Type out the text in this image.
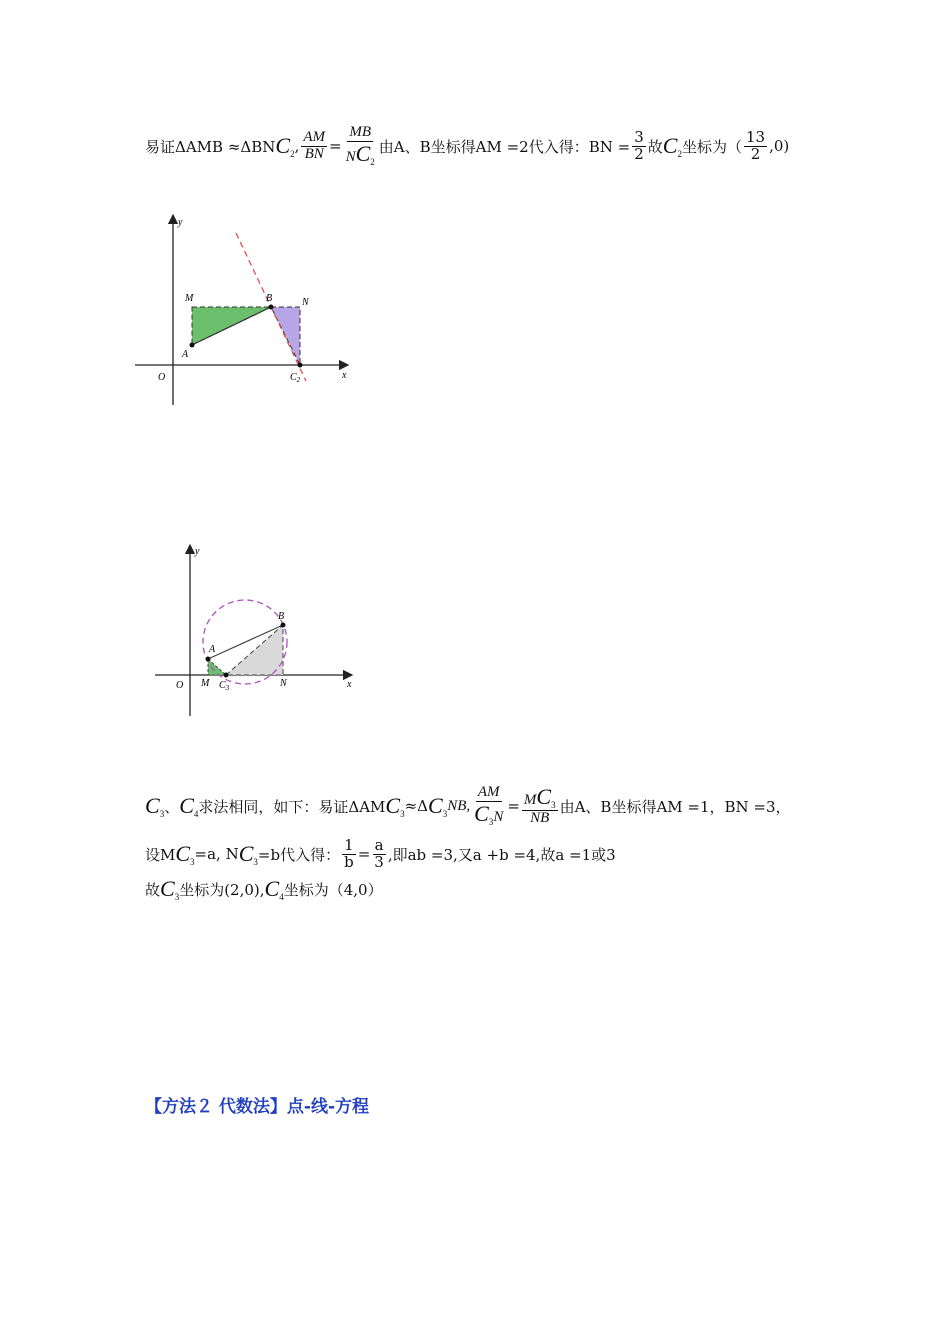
易证ΔAMB ≈ΔBN $C_2$ , $\frac{AM}{BN} = \frac{MB}{NC_2}$ 由A、B坐标得AM =2代入得：BN = $\frac{3}{2}$ 故 $C_2$ 坐标为（ $\frac{13}{2} ,0$)
y
x
O
M	B	N
A
$C_2$
y
x
O M $C_3$	N
A
B
$C_3$ 、 $C_4$ 求法相同，如下：易证ΔAM $C_3 \approx\Delta$ $C_3$
NB, $\frac{AM}{C_3N} = \frac{MC_3}{NB}$ 由A、B坐标得AM =1，BN =3，
设M $C_3 =a$, N $C_3 =b$代入得： $\frac{1}{b} = \frac{a}{3}$ ,即ab =3,又a +b =4,故a =1或3
故 $C_3$ 坐标为(2,0), $C_4$ 坐标为（4,0）
【方法２ 代数法】点-线-方程
